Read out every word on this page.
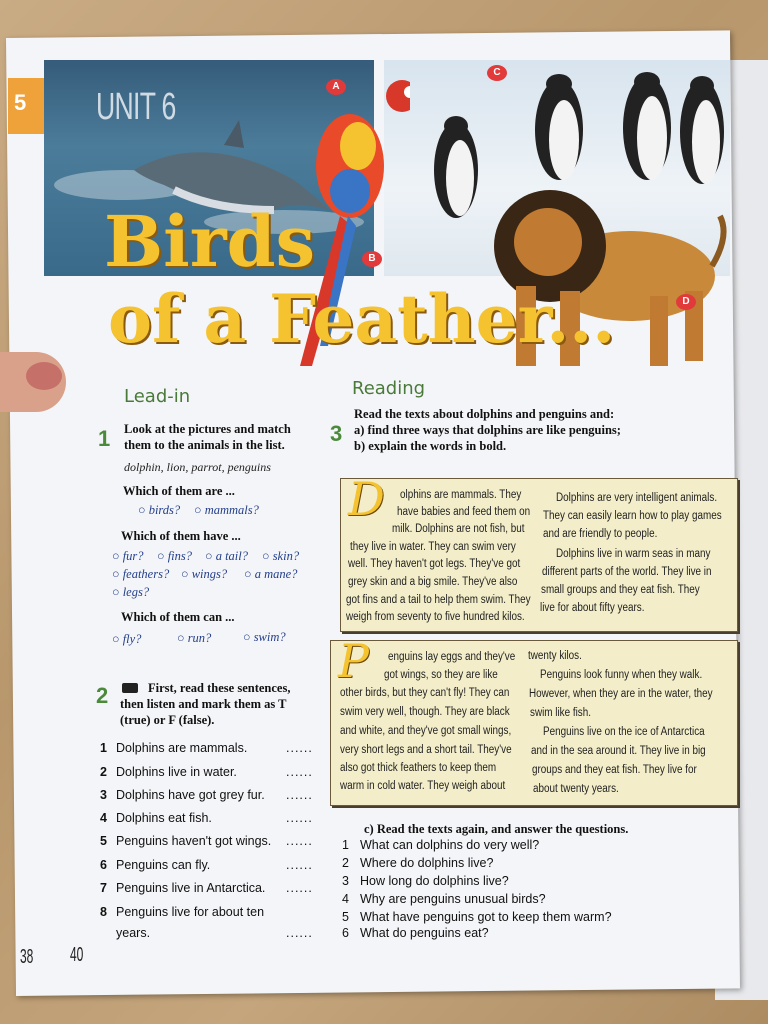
A
C
B
D
5 UNIT 6
Birds
of a Feather...
Lead-in
1 Look at the pictures and match
them to the animals in the list.
dolphin, lion, parrot, penguins
Which of them are ...
○ birds? ○ mammals?
Which of them have ...
○ fur? ○ fins? ○ a tail? ○ skin?
○ feathers? ○ wings? ○ a mane?
○ legs?
Which of them can ...
○ fly?	○ run?	○ swim?
2	First, read these sentences,
then listen and mark them as T
(true) or F (false).
1 Dolphins are mammals.	......
2 Dolphins live in water.	......
3 Dolphins have got grey fur. ......
4 Dolphins eat fish.	......
5 Penguins haven't got wings. ......
6 Penguins can fly.	......
7 Penguins live in Antarctica. ......
8 Penguins live for about ten
years.	......
Reading
3
Read the texts about dolphins and penguins and:
a) find three ways that dolphins are like penguins;
b) explain the words in bold.
D olphins are mammals. They
have babies and feed them on
milk. Dolphins are not fish, but
they live in water. They can swim very
well. They haven't got legs. They've got
grey skin and a big smile. They've also
got fins and a tail to help them swim. They
weigh from seventy to five hundred kilos.
Dolphins are very intelligent animals.
They can easily learn how to play games
and are friendly to people.
Dolphins live in warm seas in many
different parts of the world. They live in
small groups and they eat fish. They
live for about fifty years.
P enguins lay eggs and they've
got wings, so they are like
other birds, but they can't fly! They can
swim very well, though. They are black
and white, and they've got small wings,
very short legs and a short tail. They've
also got thick feathers to keep them
warm in cold water. They weigh about
twenty kilos.
Penguins look funny when they walk.
However, when they are in the water, they
swim like fish.
Penguins live on the ice of Antarctica
and in the sea around it. They live in big
groups and they eat fish. They live for
about twenty years.
c) Read the texts again, and answer the questions.
1 What can dolphins do very well?
2 Where do dolphins live?
3 How long do dolphins live?
4 Why are penguins unusual birds?
5 What have penguins got to keep them warm?
6 What do penguins eat?
38 40
